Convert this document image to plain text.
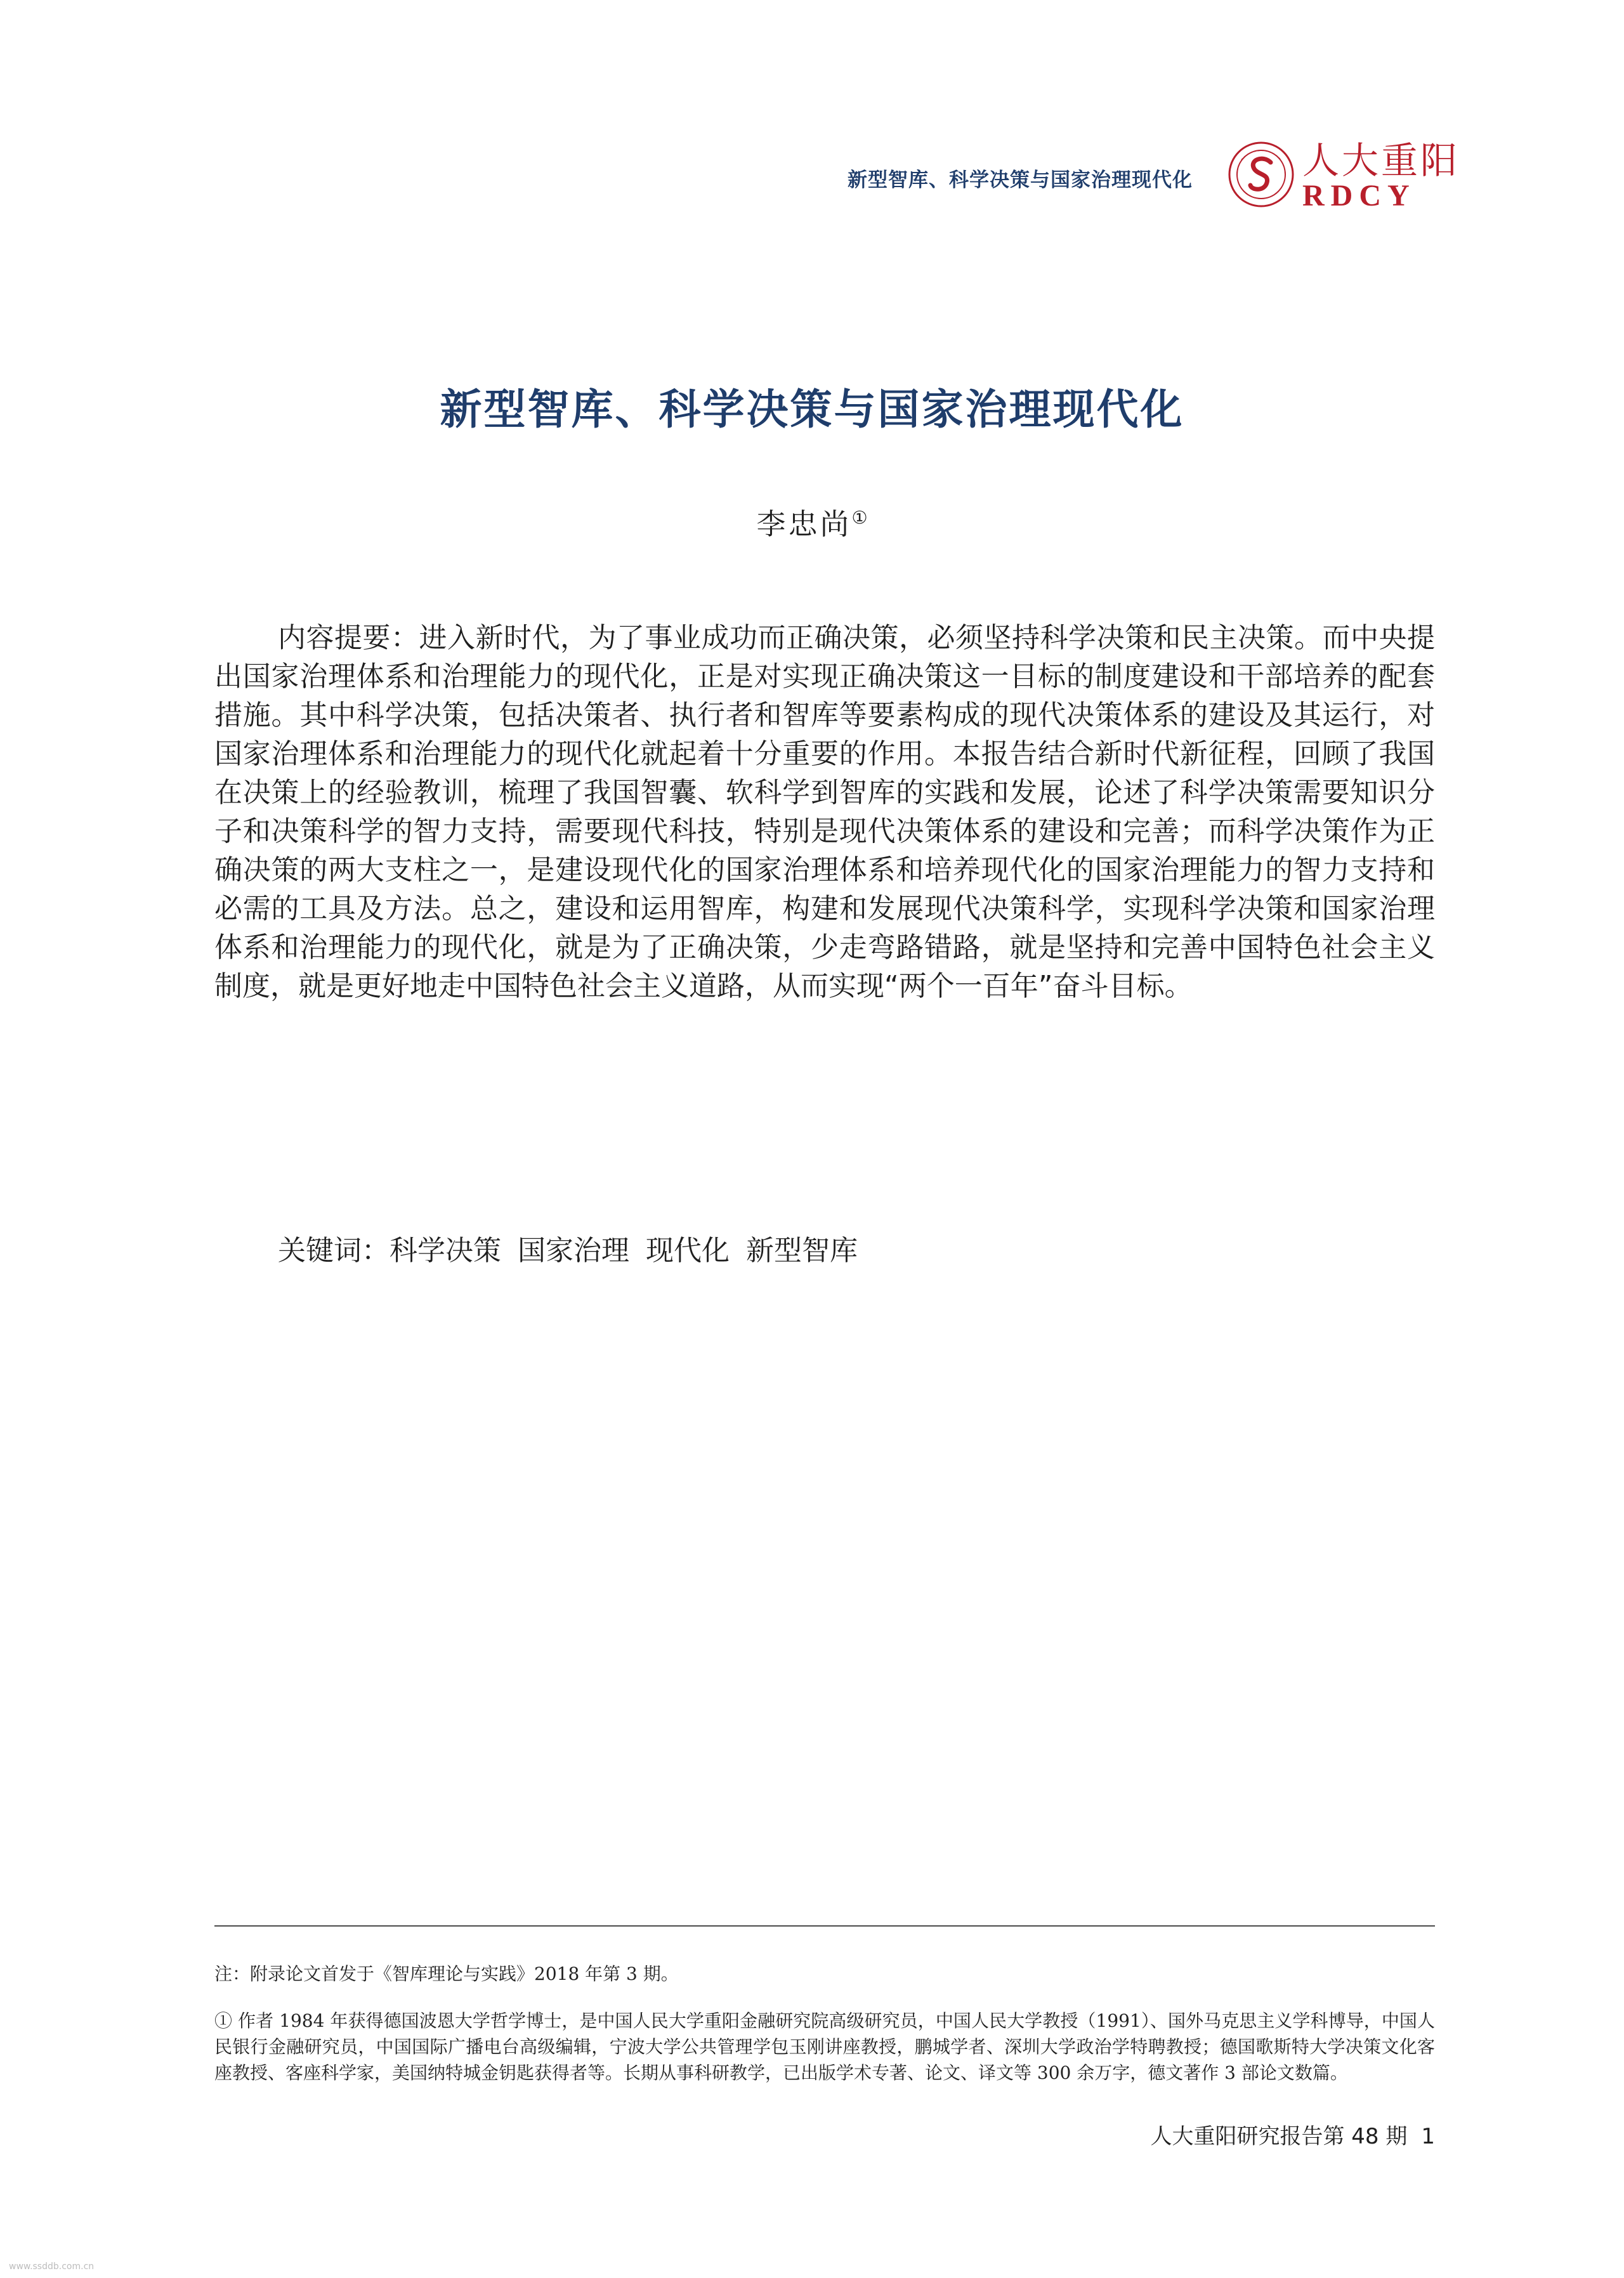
新型智库、科学决策与国家治理现代化	人大重阳
RDCY
新型智库、科学决策与国家治理现代化
李忠尚①

内容提要：进入新时代，为了事业成功而正确决策，必须坚持科学决策和民主决策。而中央提出国家治理体系和治理能力的现代化，正是对实现正确决策这一目标的制度建设和干部培养的配套措施。其中科学决策，包括决策者、执行者和智库等要素构成的现代决策体系的建设及其运行，对国家治理体系和治理能力的现代化就起着十分重要的作用。本报告结合新时代新征程，回顾了我国在决策上的经验教训，梳理了我国智囊、软科学到智库的实践和发展，论述了科学决策需要知识分子和决策科学的智力支持，需要现代科技，特别是现代决策体系的建设和完善；而科学决策作为正确决策的两大支柱之一，是建设现代化的国家治理体系和培养现代化的国家治理能力的智力支持和必需的工具及方法。总之，建设和运用智库，构建和发展现代决策科学，实现科学决策和国家治理体系和治理能力的现代化，就是为了正确决策，少走弯路错路，就是坚持和完善中国特色社会主义制度，就是更好地走中国特色社会主义道路，从而实现“两个一百年”奋斗目标。

关键词：科学决策 国家治理 现代化 新型智库
注：附录论文首发于《智库理论与实践》2018 年第 3 期。
① 作者 1984 年获得德国波恩大学哲学博士，是中国人民大学重阳金融研究院高级研究员，中国人民大学教授（1991）、国外马克思主义学科博导，中国人民银行金融研究员，中国国际广播电台高级编辑，宁波大学公共管理学包玉刚讲座教授，鹏城学者、深圳大学政治学特聘教授；德国歌斯特大学决策文化客座教授、客座科学家，美国纳特城金钥匙获得者等。长期从事科研教学，已出版学术专著、论文、译文等 300 余万字，德文著作 3 部论文数篇。
人大重阳研究报告第 48 期 1
www.ssddb.com.cn
